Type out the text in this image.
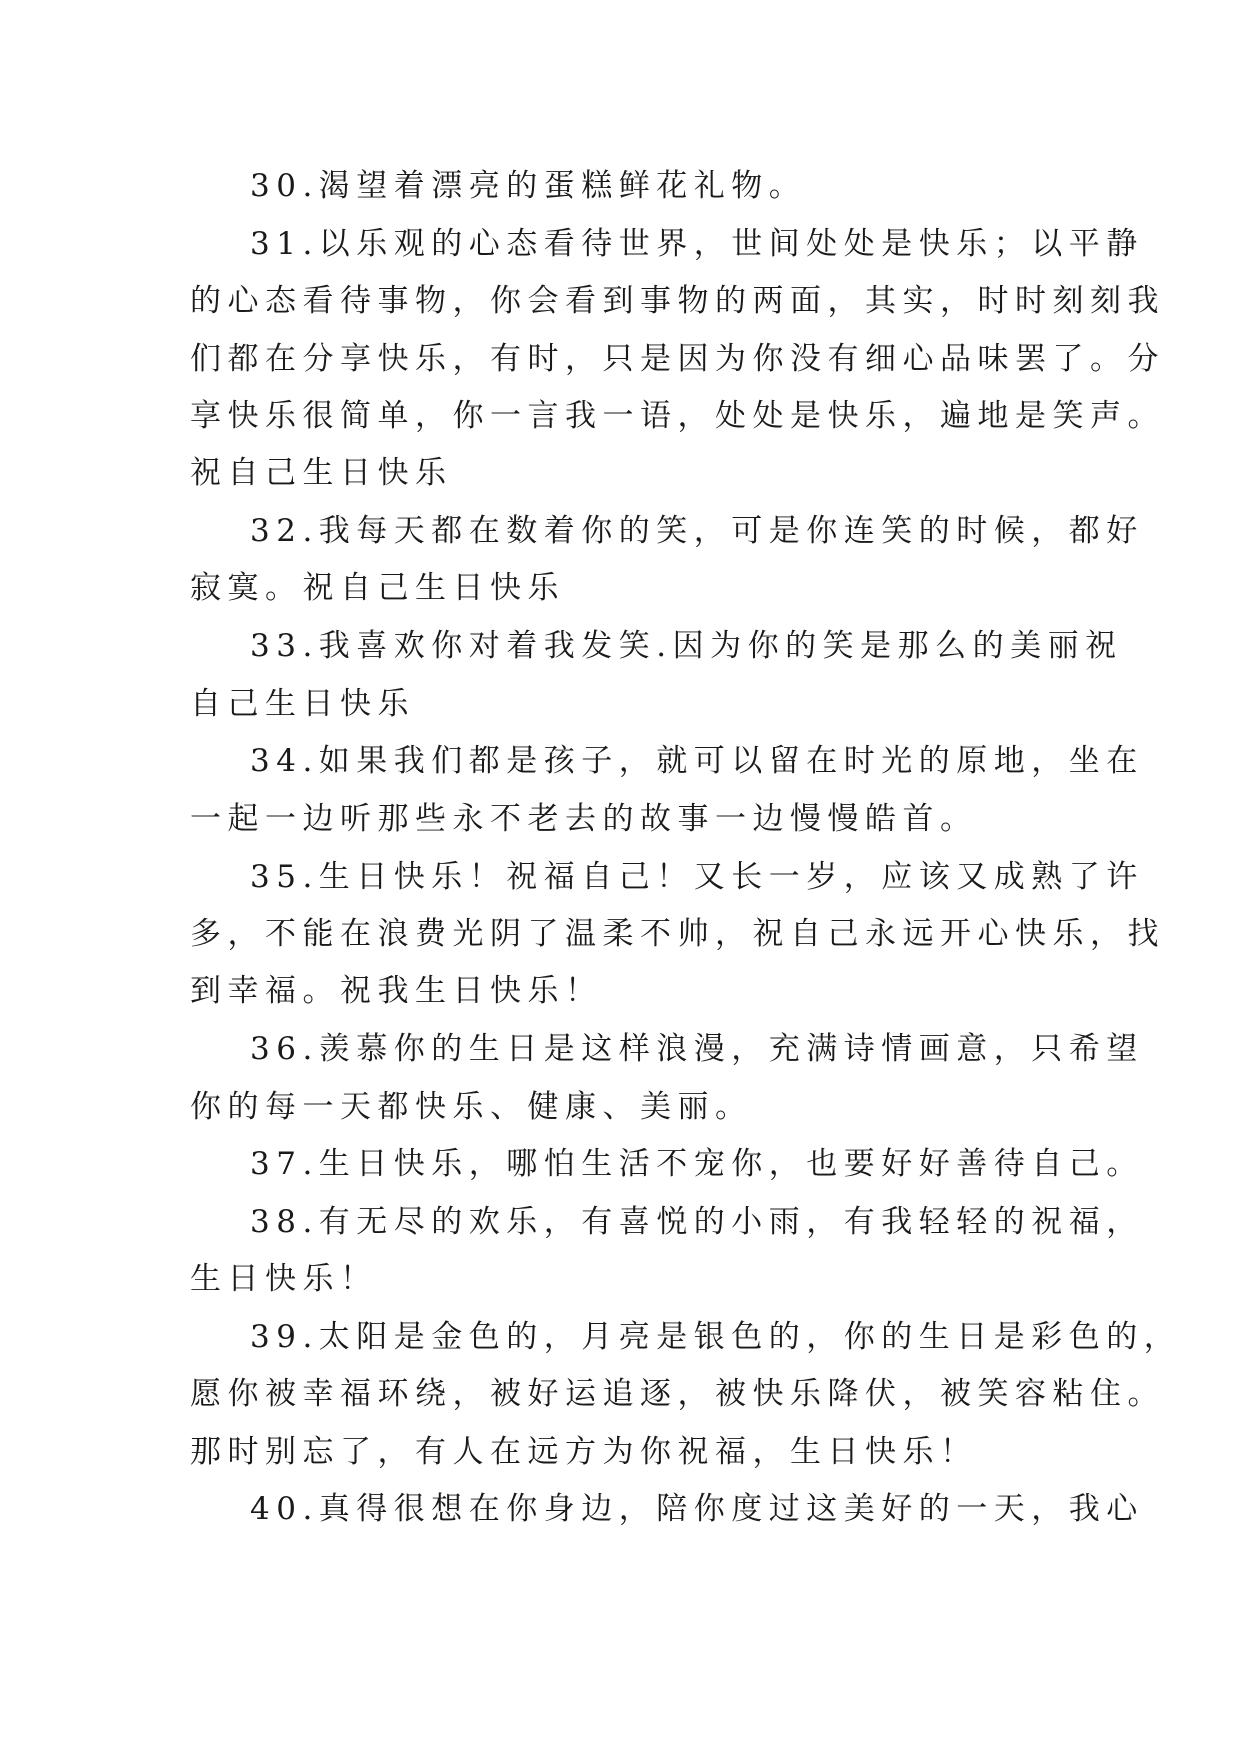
30.渴望着漂亮的蛋糕鲜花礼物。
31.以乐观的心态看待世界，世间处处是快乐；以平静
的心态看待事物，你会看到事物的两面，其实，时时刻刻我
们都在分享快乐，有时，只是因为你没有细心品味罢了。分
享快乐很简单，你一言我一语，处处是快乐，遍地是笑声。
祝自己生日快乐
32.我每天都在数着你的笑，可是你连笑的时候，都好
寂寞。祝自己生日快乐
33.我喜欢你对着我发笑.因为你的笑是那么的美丽祝
自己生日快乐
34.如果我们都是孩子，就可以留在时光的原地，坐在
一起一边听那些永不老去的故事一边慢慢皓首。
35.生日快乐！祝福自己！又长一岁，应该又成熟了许
多，不能在浪费光阴了温柔不帅，祝自己永远开心快乐，找
到幸福。祝我生日快乐！
36.羡慕你的生日是这样浪漫，充满诗情画意，只希望
你的每一天都快乐、健康、美丽。
37.生日快乐，哪怕生活不宠你，也要好好善待自己。
38.有无尽的欢乐，有喜悦的小雨，有我轻轻的祝福，
生日快乐！
39.太阳是金色的，月亮是银色的，你的生日是彩色的，
愿你被幸福环绕，被好运追逐，被快乐降伏，被笑容粘住。
那时别忘了，有人在远方为你祝福，生日快乐！
40.真得很想在你身边，陪你度过这美好的一天，我心
